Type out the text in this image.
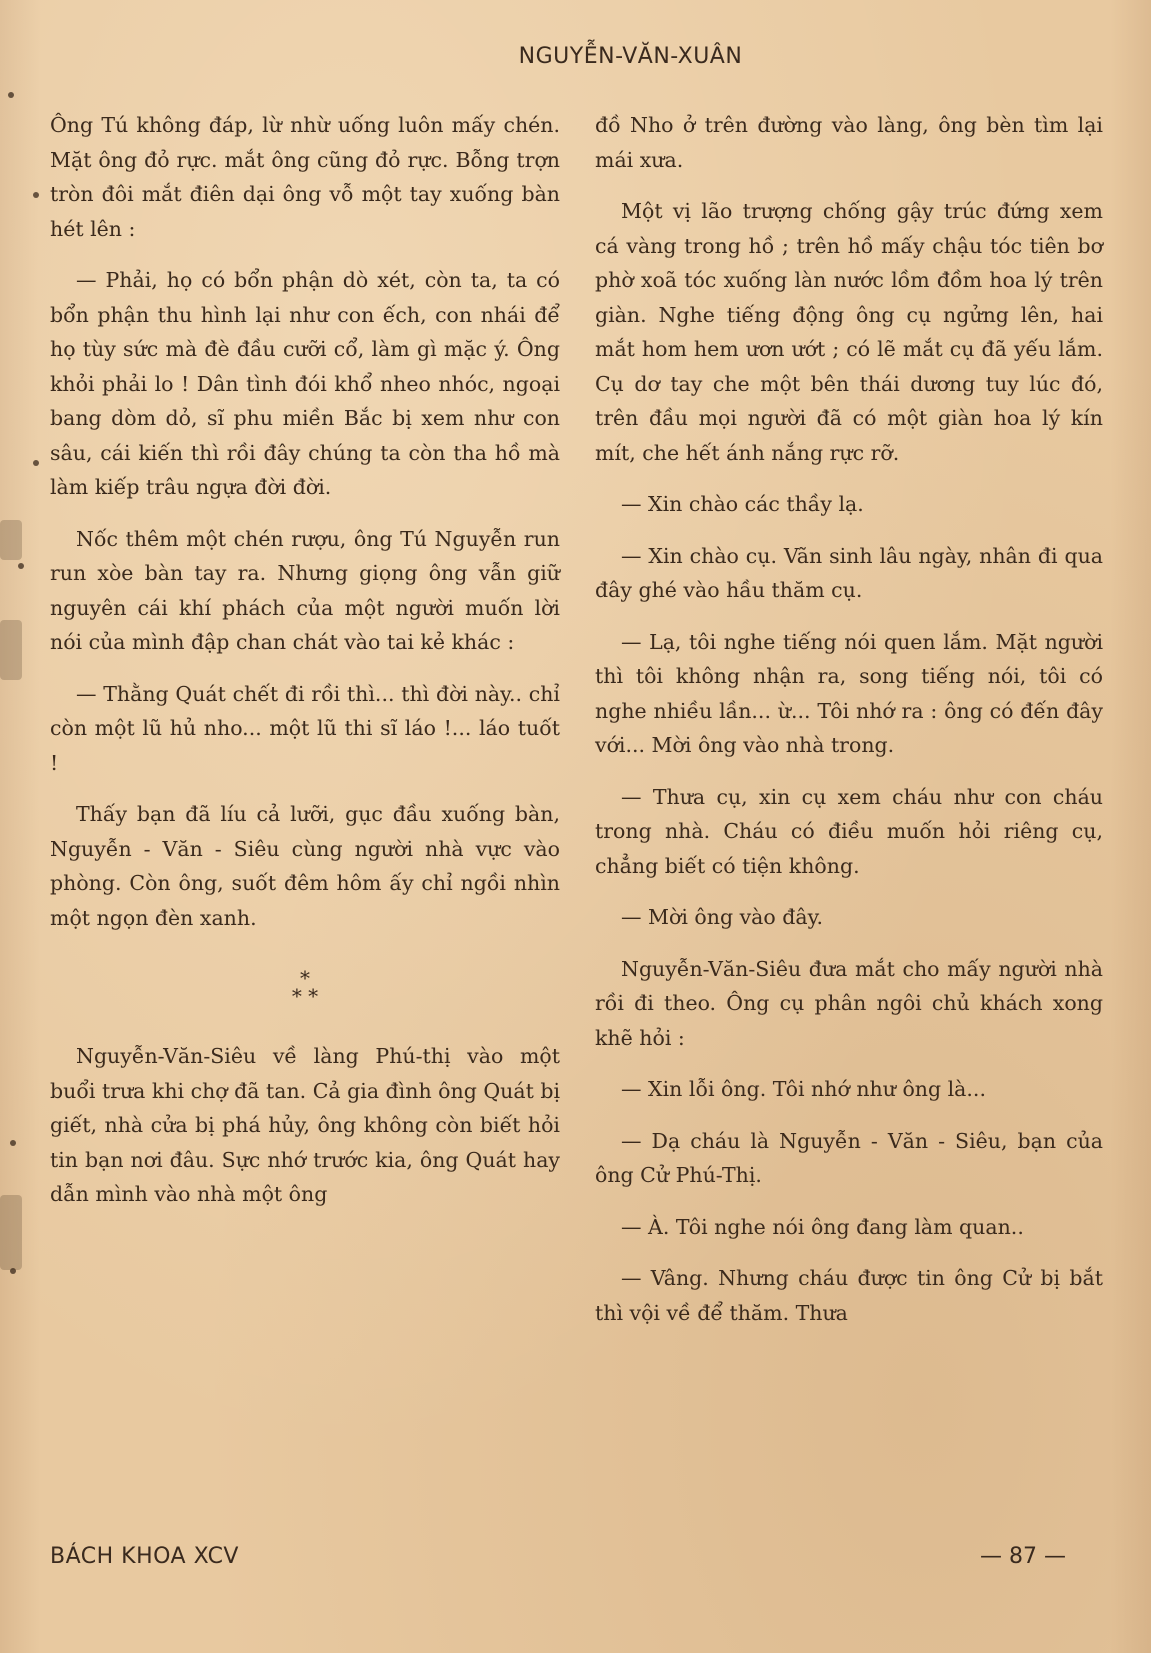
NGUYỄN-VĂN-XUÂN

Ông Tú không đáp, lừ nhừ uống luôn mấy chén. Mặt ông đỏ rực. mắt ông cũng đỏ rực. Bỗng trợn tròn đôi mắt điên dại ông vỗ một tay xuống bàn hét lên :

— Phải, họ có bổn phận dò xét, còn ta, ta có bổn phận thu hình lại như con ếch, con nhái để họ tùy sức mà đè đầu cưỡi cổ, làm gì mặc ý. Ông khỏi phải lo ! Dân tình đói khổ nheo nhóc, ngoại bang dòm dỏ, sĩ phu miền Bắc bị xem như con sâu, cái kiến thì rồi đây chúng ta còn tha hồ mà làm kiếp trâu ngựa đời đời.

Nốc thêm một chén rượu, ông Tú Nguyễn run run xòe bàn tay ra. Nhưng giọng ông vẫn giữ nguyên cái khí phách của một người muốn lời nói của mình đập chan chát vào tai kẻ khác :

— Thằng Quát chết đi rồi thì... thì đời này.. chỉ còn một lũ hủ nho... một lũ thi sĩ láo !... láo tuốt !

Thấy bạn đã líu cả lưỡi, gục đầu xuống bàn, Nguyễn - Văn - Siêu cùng người nhà vực vào phòng. Còn ông, suốt đêm hôm ấy chỉ ngồi nhìn một ngọn đèn xanh.

*
* *

Nguyễn-Văn-Siêu về làng Phú-thị vào một buổi trưa khi chợ đã tan. Cả gia đình ông Quát bị giết, nhà cửa bị phá hủy, ông không còn biết hỏi tin bạn nơi đâu. Sực nhớ trước kia, ông Quát hay dẫn mình vào nhà một ông

đồ Nho ở trên đường vào làng, ông bèn tìm lại mái xưa.

Một vị lão trượng chống gậy trúc đứng xem cá vàng trong hồ ; trên hồ mấy chậu tóc tiên bơ phờ xoã tóc xuống làn nước lồm đồm hoa lý trên giàn. Nghe tiếng động ông cụ ngửng lên, hai mắt hom hem ươn ướt ; có lẽ mắt cụ đã yếu lắm. Cụ dơ tay che một bên thái dương tuy lúc đó, trên đầu mọi người đã có một giàn hoa lý kín mít, che hết ánh nắng rực rỡ.

— Xin chào các thầy lạ.

— Xin chào cụ. Vãn sinh lâu ngày, nhân đi qua đây ghé vào hầu thăm cụ.

— Lạ, tôi nghe tiếng nói quen lắm. Mặt người thì tôi không nhận ra, song tiếng nói, tôi có nghe nhiều lần... ừ... Tôi nhớ ra : ông có đến đây với... Mời ông vào nhà trong.

— Thưa cụ, xin cụ xem cháu như con cháu trong nhà. Cháu có điều muốn hỏi riêng cụ, chẳng biết có tiện không.

— Mời ông vào đây.

Nguyễn-Văn-Siêu đưa mắt cho mấy người nhà rồi đi theo. Ông cụ phân ngôi chủ khách xong khẽ hỏi :

— Xin lỗi ông. Tôi nhớ như ông là...

— Dạ cháu là Nguyễn - Văn - Siêu, bạn của ông Cử Phú-Thị.

— À. Tôi nghe nói ông đang làm quan..

— Vâng. Nhưng cháu được tin ông Cử bị bắt thì vội về để thăm. Thưa

BÁCH KHOA XCV	— 87 —
